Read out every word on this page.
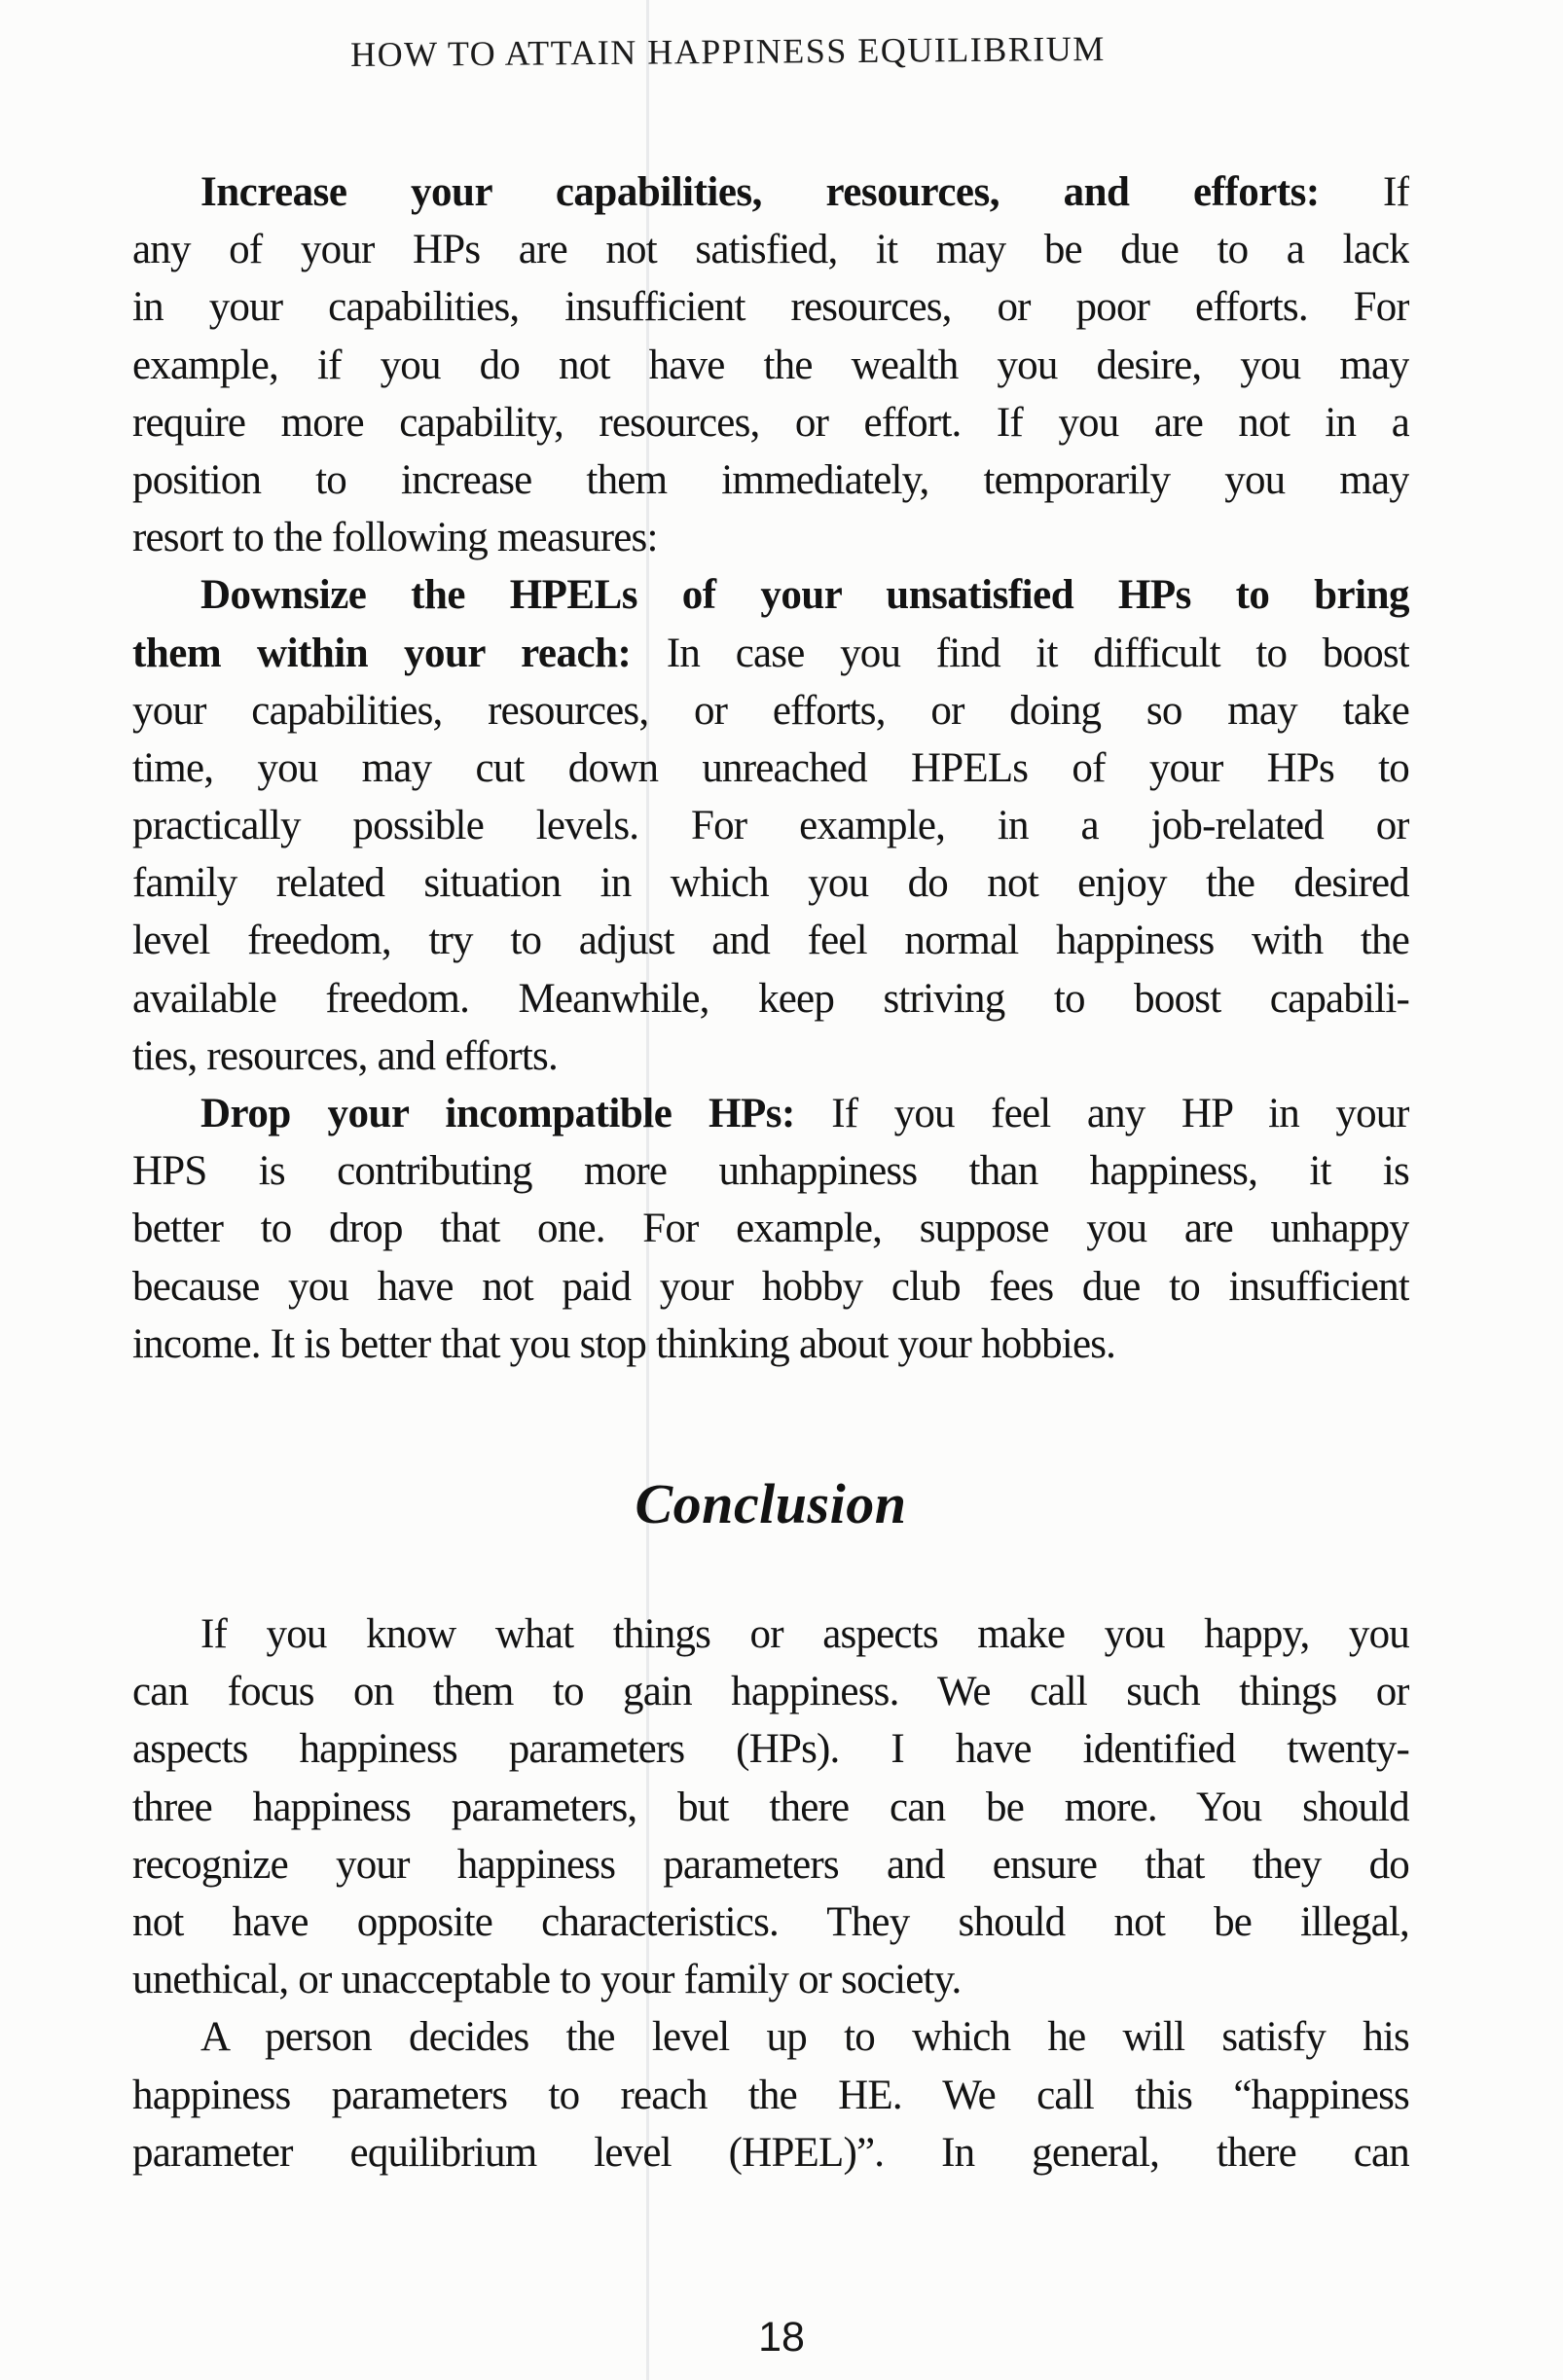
HOW TO ATTAIN HAPPINESS EQUILIBRIUM
Increase your capabilities, resources, and efforts: If
any of your HPs are not satisfied, it may be due to a lack
in your capabilities, insufficient resources, or poor efforts. For
example, if you do not have the wealth you desire, you may
require more capability, resources, or effort. If you are not in a
position to increase them immediately, temporarily you may
resort to the following measures:
Downsize the HPELs of your unsatisfied HPs to bring
them within your reach: In case you find it difficult to boost
your capabilities, resources, or efforts, or doing so may take
time, you may cut down unreached HPELs of your HPs to
practically possible levels. For example, in a job-related or
family related situation in which you do not enjoy the desired
level freedom, try to adjust and feel normal happiness with the
available freedom. Meanwhile, keep striving to boost capabili-
ties, resources, and efforts.
Drop your incompatible HPs: If you feel any HP in your
HPS is contributing more unhappiness than happiness, it is
better to drop that one. For example, suppose you are unhappy
because you have not paid your hobby club fees due to insufficient
income. It is better that you stop thinking about your hobbies.
Conclusion
If you know what things or aspects make you happy, you
can focus on them to gain happiness. We call such things or
aspects happiness parameters (HPs). I have identified twenty-
three happiness parameters, but there can be more. You should
recognize your happiness parameters and ensure that they do
not have opposite characteristics. They should not be illegal,
unethical, or unacceptable to your family or society.
A person decides the level up to which he will satisfy his
happiness parameters to reach the HE. We call this “happiness
parameter equilibrium level (HPEL)”. In general, there can
18
